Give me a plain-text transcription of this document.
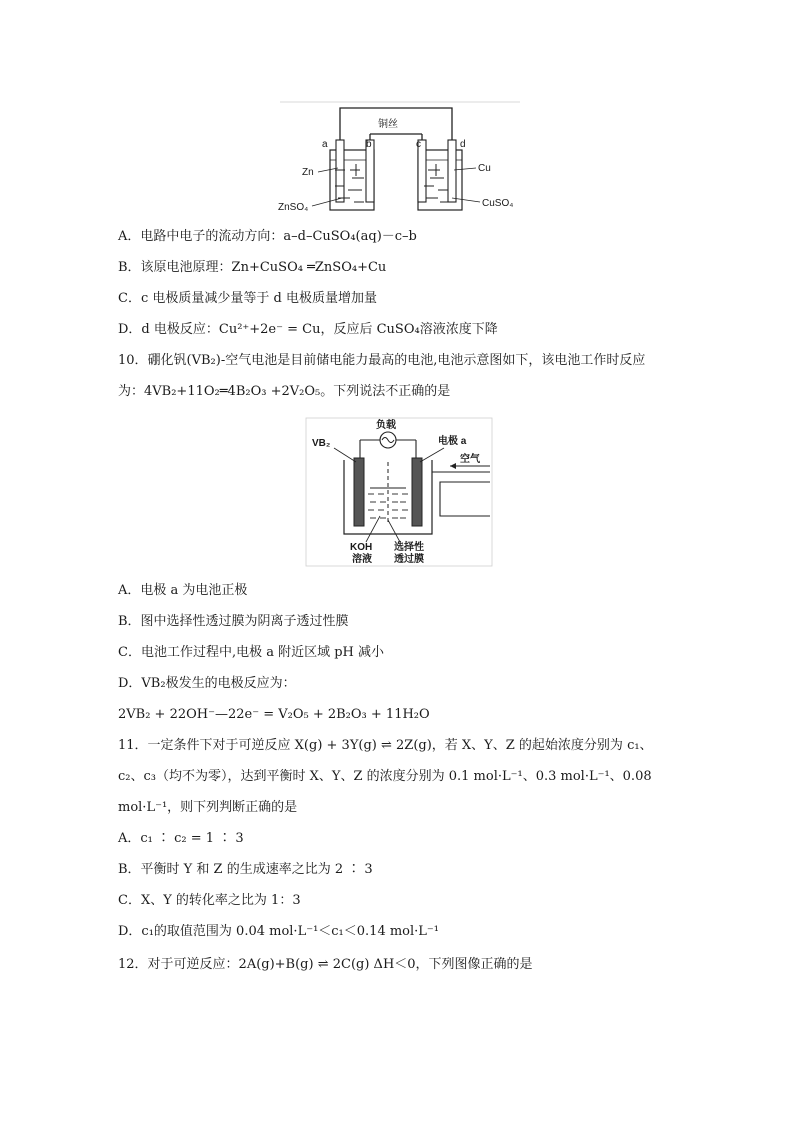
铜丝
a	b	c	d
Zn
ZnSO₄
Cu
CuSO₄
A．电路中电子的流动方向：a–d–CuSO₄(aq)－c–b
B．该原电池原理：Zn+CuSO₄ ═ZnSO₄+Cu
C．c 电极质量减少量等于 d 电极质量增加量
D．d 电极反应：Cu²⁺+2e⁻ = Cu，反应后 CuSO₄溶液浓度下降
10．硼化钒(VB₂)-空气电池是目前储电能力最高的电池,电池示意图如下，该电池工作时反应
为：4VB₂+11O₂═4B₂O₃ +2V₂O₅。下列说法不正确的是
负载
空气
VB₂	电极 a
KOH
溶液
选择性
透过膜
A．电极 a 为电池正极
B．图中选择性透过膜为阴离子透过性膜
C．电池工作过程中,电极 a 附近区域 pH 减小
D．VB₂极发生的电极反应为：
2VB₂ + 22OH⁻—22e⁻ = V₂O₅ + 2B₂O₃ + 11H₂O
11．一定条件下对于可逆反应 X(g) + 3Y(g) ⇌ 2Z(g)，若 X、Y、Z 的起始浓度分别为 c₁、
c₂、c₃（均不为零），达到平衡时 X、Y、Z 的浓度分别为 0.1 mol·L⁻¹、0.3 mol·L⁻¹、0.08
mol·L⁻¹，则下列判断正确的是
A．c₁ ∶ c₂ = 1 ∶ 3
B．平衡时 Y 和 Z 的生成速率之比为 2 ∶ 3
C．X、Y 的转化率之比为 1：3
D．c₁的取值范围为 0.04 mol·L⁻¹＜c₁＜0.14 mol·L⁻¹
12．对于可逆反应：2A(g)+B(g) ⇌ 2C(g) ΔH＜0，下列图像正确的是
